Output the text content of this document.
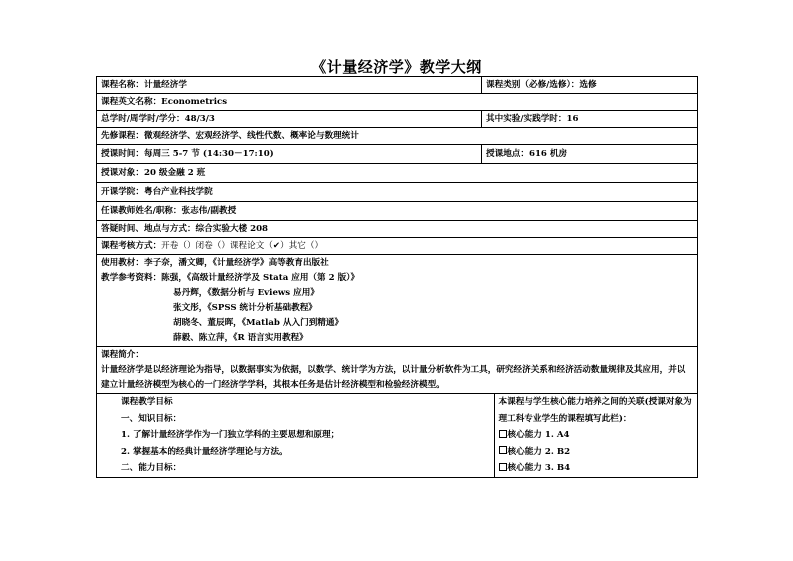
《计量经济学》教学大纲
课程名称：计量经济学	课程类别（必修/选修）：选修
课程英文名称：Econometrics
总学时/周学时/学分：48/3/3	其中实验/实践学时：16
先修课程：微观经济学、宏观经济学、线性代数、概率论与数理统计
授课时间：每周三 5-7 节 (14:30－17:10)	授课地点：616 机房
授课对象：20 级金融 2 班
开课学院：粤台产业科技学院
任课教师姓名/职称：张志伟/副教授
答疑时间、地点与方式：综合实验大楼 208
课程考核方式：开卷（）闭卷（）课程论文（✔）其它（）

使用教材：李子奈，潘文卿，《计量经济学》高等教育出版社
教学参考资料：陈强，《高级计量经济学及 Stata 应用（第 2 版）》
易丹辉，《数据分析与 Eviews 应用》
张文彤，《SPSS 统计分析基础教程》
胡晓冬、董辰晖，《Matlab 从入门到精通》
薛毅、陈立萍，《R 语言实用教程》

课程简介：
计量经济学是以经济理论为指导，以数据事实为依据，以数学、统计学为方法，以计量分析软件为工具，研究经济关系和经济活动数量规律及其应用，并以建立计量经济模型为核心的一门经济学学科，其根本任务是估计经济模型和检验经济模型。

课程教学目标
一、知识目标：
1. 了解计量经济学作为一门独立学科的主要思想和原理；
2. 掌握基本的经典计量经济学理论与方法。
二、能力目标：

本课程与学生核心能力培养之间的关联(授课对象为理工科专业学生的课程填写此栏)：
核心能力 1. A4
核心能力 2. B2
核心能力 3. B4
